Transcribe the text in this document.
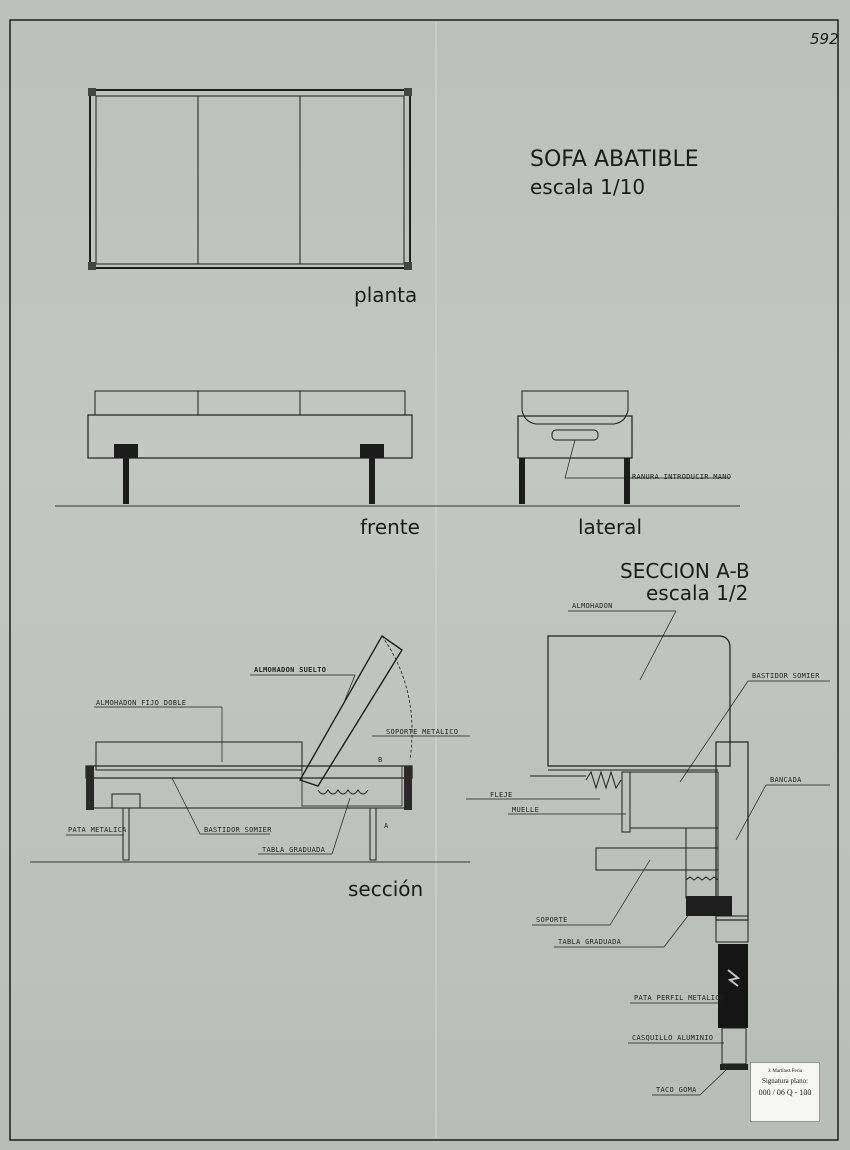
592
planta
SOFA ABATIBLE
escala 1/10
frente
RANURA INTRODUCIR MANO
lateral
SECCION A-B
escala 1/2
ALMOHADON SUELTO
ALMOHADON FIJO DOBLE
SOPORTE METALICO
B
A
PATA METALICA	BASTIDOR SOMIER
TABLA GRADUADA
sección
ALMOHADON
BASTIDOR SOMIER
BANCADA
FLEJE
MUELLE
SOPORTE
TABLA GRADUADA
PATA PERFIL METALICO
CASQUILLO ALUMINIO
TACO GOMA
J. Martínez Feria
Signatura plano:
000 / 06 Q - 100
